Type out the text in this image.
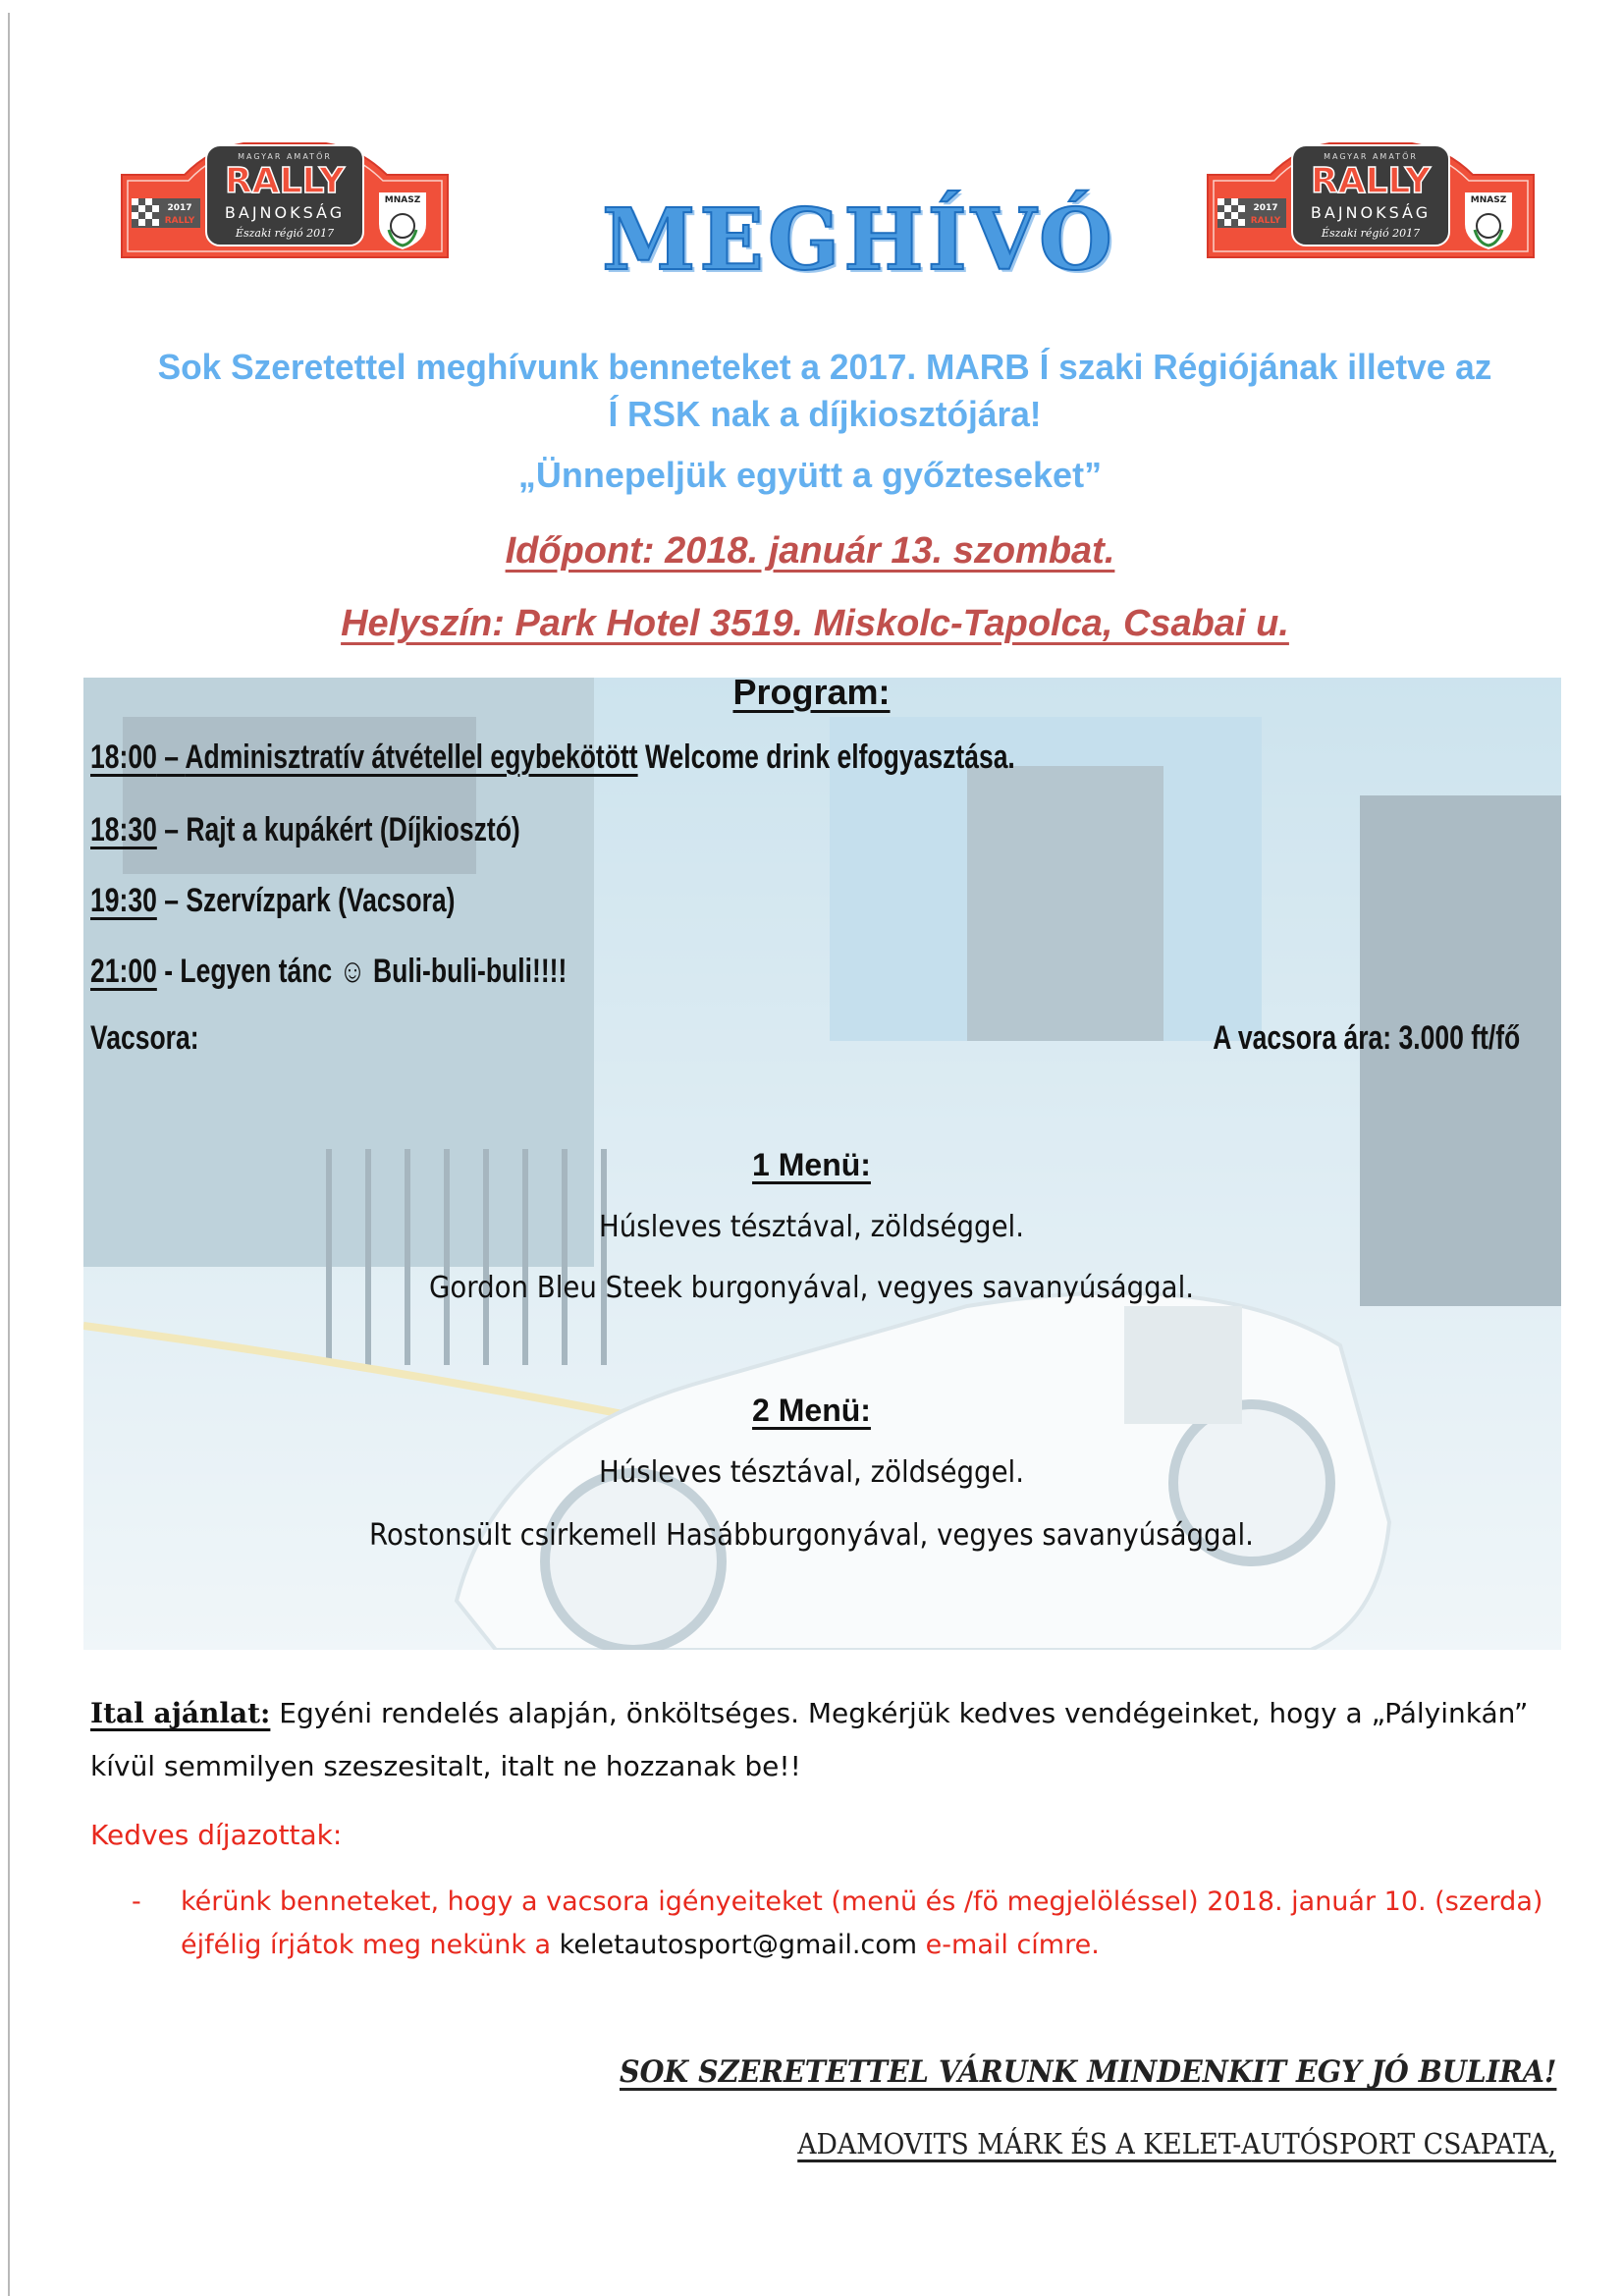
MAGYAR AMATŐR
RALLY
BAJNOKSÁG
Északi régió 2017
2017
RALLY
MNASZ
MAGYAR AMATŐR
RALLY
BAJNOKSÁG
Északi régió 2017
2017
RALLY
MNASZ
MEGHÍVÓ
Sok Szeretettel meghívunk benneteket a 2017. MARB Í szaki Régiójának illetve az
Í RSK nak a díjkiosztójára!
„Ünnepeljük együtt a győzteseket”
Időpont: 2018. január 13. szombat.
Helyszín: Park Hotel 3519. Miskolc-Tapolca, Csabai u.
Program:
18:00 – Adminisztratív átvétellel egybekötött Welcome drink elfogyasztása.
18:30 – Rajt a kupákért (Díjkiosztó)
19:30 – Szervízpark (Vacsora)
21:00 - Legyen tánc ☺ Buli-buli-buli!!!!
Vacsora:	A vacsora ára: 3.000 ft/fő
1 Menü:
Húsleves tésztával, zöldséggel.
Gordon Bleu Steek burgonyával, vegyes savanyúsággal.
2 Menü:
Húsleves tésztával, zöldséggel.
Rostonsült csirkemell Hasábburgonyával, vegyes savanyúsággal.
Ital ajánlat: Egyéni rendelés alapján, önköltséges. Megkérjük kedves vendégeinket, hogy a „Pályinkán” kívül semmilyen szeszesitalt, italt ne hozzanak be!!
Kedves díjazottak:
- kérünk benneteket, hogy a vacsora igényeiteket (menü és /fö megjelöléssel) 2018. január 10. (szerda) éjfélig írjátok meg nekünk a keletautosport@gmail.com e-mail címre.
SOK SZERETETTEL VÁRUNK MINDENKIT EGY JÓ BULIRA!
ADAMOVITS MÁRK ÉS A KELET-AUTÓSPORT CSAPATA,
